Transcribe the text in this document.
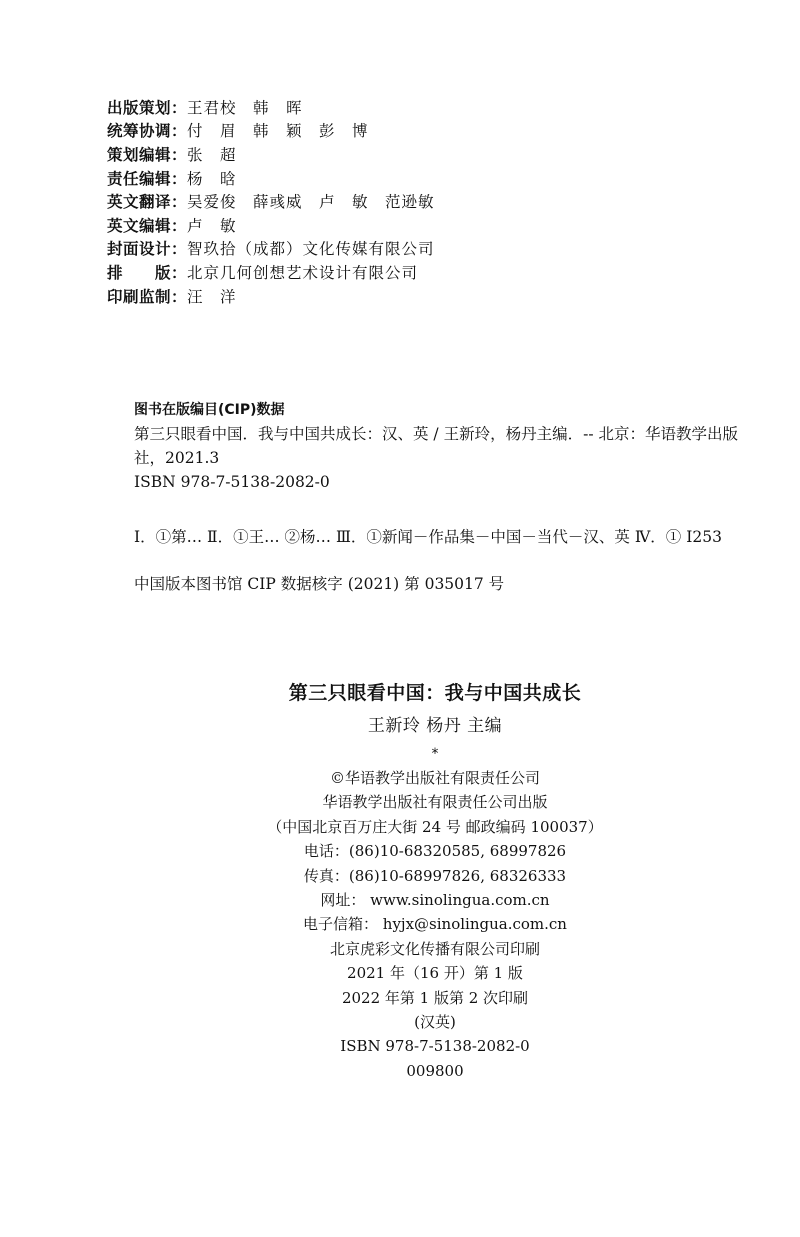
出版策划： 王君校　韩　晖
统筹协调： 付　眉　韩　颖　彭　博
策划编辑： 张　超
责任编辑： 杨　晗
英文翻译： 吴爱俊　薛彧威　卢　敏　范逊敏
英文编辑： 卢　敏
封面设计： 智玖拾（成都）文化传媒有限公司
排　　版： 北京几何创想艺术设计有限公司
印刷监制： 汪　洋
图书在版编目(CIP)数据
第三只眼看中国．我与中国共成长：汉、英 / 王新玲，杨丹主编．-- 北京：华语教学出版
社，2021.3
ISBN 978-7-5138-2082-0
Ⅰ．①第… Ⅱ．①王… ②杨… Ⅲ．①新闻－作品集－中国－当代－汉、英 Ⅳ．① I253
中国版本图书馆 CIP 数据核字 (2021) 第 035017 号
第三只眼看中国：我与中国共成长
王新玲 杨丹 主编
*
©华语教学出版社有限责任公司
华语教学出版社有限责任公司出版
（中国北京百万庄大街 24 号 邮政编码 100037）
电话：(86)10-68320585, 68997826
传真：(86)10-68997826, 68326333
网址： www.sinolingua.com.cn
电子信箱： hyjx@sinolingua.com.cn
北京虎彩文化传播有限公司印刷
2021 年（16 开）第 1 版
2022 年第 1 版第 2 次印刷
(汉英)
ISBN 978-7-5138-2082-0
009800
